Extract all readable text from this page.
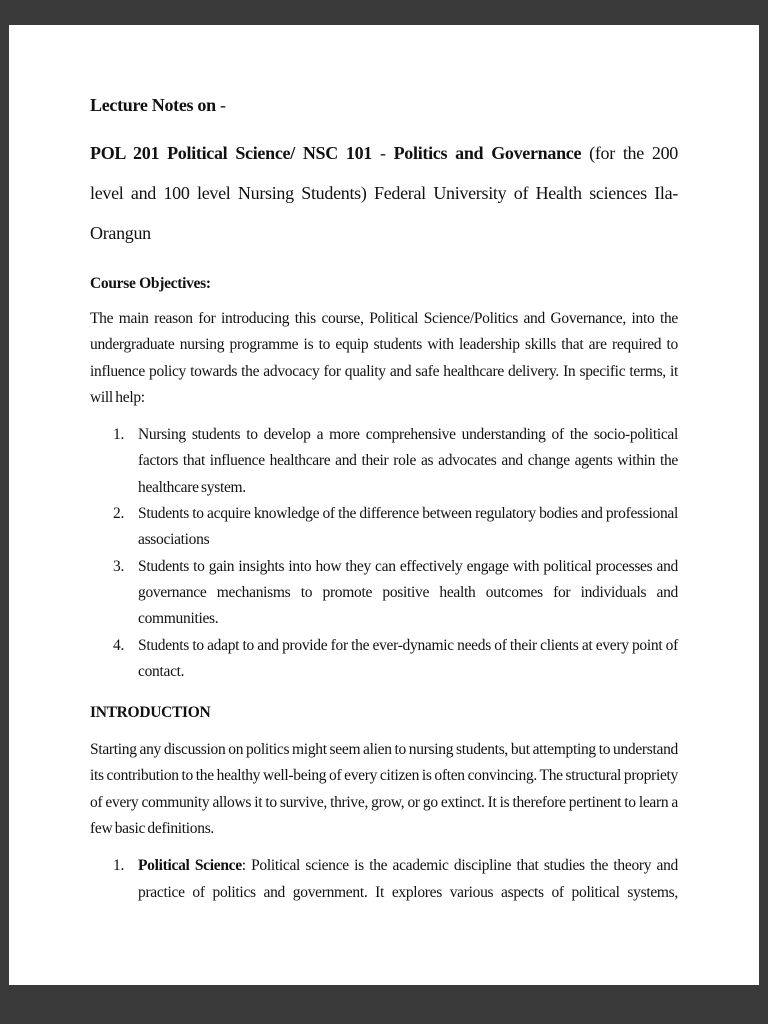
Lecture Notes on -

POL 201 Political Science/ NSC 101 - Politics and Governance (for the 200 level and 100 level Nursing Students) Federal University of Health sciences Ila-Orangun

Course Objectives:

The main reason for introducing this course, Political Science/Politics and Governance, into the undergraduate nursing programme is to equip students with leadership skills that are required to influence policy towards the advocacy for quality and safe healthcare delivery. In specific terms, it will help:

1. Nursing students to develop a more comprehensive understanding of the socio-political factors that influence healthcare and their role as advocates and change agents within the healthcare system.
2. Students to acquire knowledge of the difference between regulatory bodies and professional associations
3. Students to gain insights into how they can effectively engage with political processes and governance mechanisms to promote positive health outcomes for individuals and communities.
4. Students to adapt to and provide for the ever-dynamic needs of their clients at every point of contact.

INTRODUCTION

Starting any discussion on politics might seem alien to nursing students, but attempting to understand its contribution to the healthy well-being of every citizen is often convincing. The structural propriety of every community allows it to survive, thrive, grow, or go extinct. It is therefore pertinent to learn a few basic definitions.

1. Political Science: Political science is the academic discipline that studies the theory and practice of politics and government. It explores various aspects of political systems,
